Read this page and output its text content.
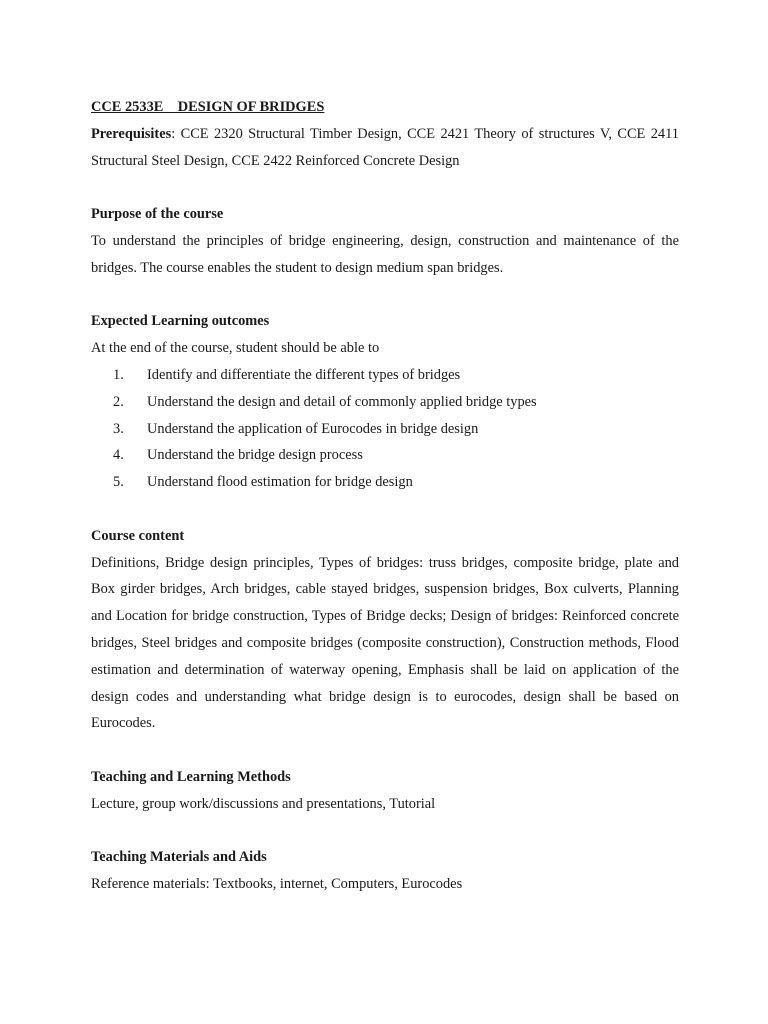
CCE 2533E    DESIGN OF BRIDGES

Prerequisites: CCE 2320 Structural Timber Design, CCE 2421 Theory of structures V, CCE 2411 Structural Steel Design, CCE 2422 Reinforced Concrete Design

Purpose of the course

To understand the principles of bridge engineering, design, construction and maintenance of the bridges. The course enables the student to design medium span bridges.

Expected Learning outcomes

At the end of the course, student should be able to

1. Identify and differentiate the different types of bridges
2. Understand the design and detail of commonly applied bridge types
3. Understand the application of Eurocodes in bridge design
4. Understand the bridge design process
5. Understand flood estimation for bridge design

Course content

Definitions, Bridge design principles, Types of bridges: truss bridges, composite bridge, plate and Box girder bridges, Arch bridges, cable stayed bridges, suspension bridges, Box culverts, Planning and Location for bridge construction, Types of Bridge decks; Design of bridges: Reinforced concrete bridges, Steel bridges and composite bridges (composite construction), Construction methods, Flood estimation and determination of waterway opening, Emphasis shall be laid on application of the design codes and understanding what bridge design is to eurocodes, design shall be based on Eurocodes.

Teaching and Learning Methods

Lecture, group work/discussions and presentations, Tutorial

Teaching Materials and Aids

Reference materials: Textbooks, internet, Computers, Eurocodes
